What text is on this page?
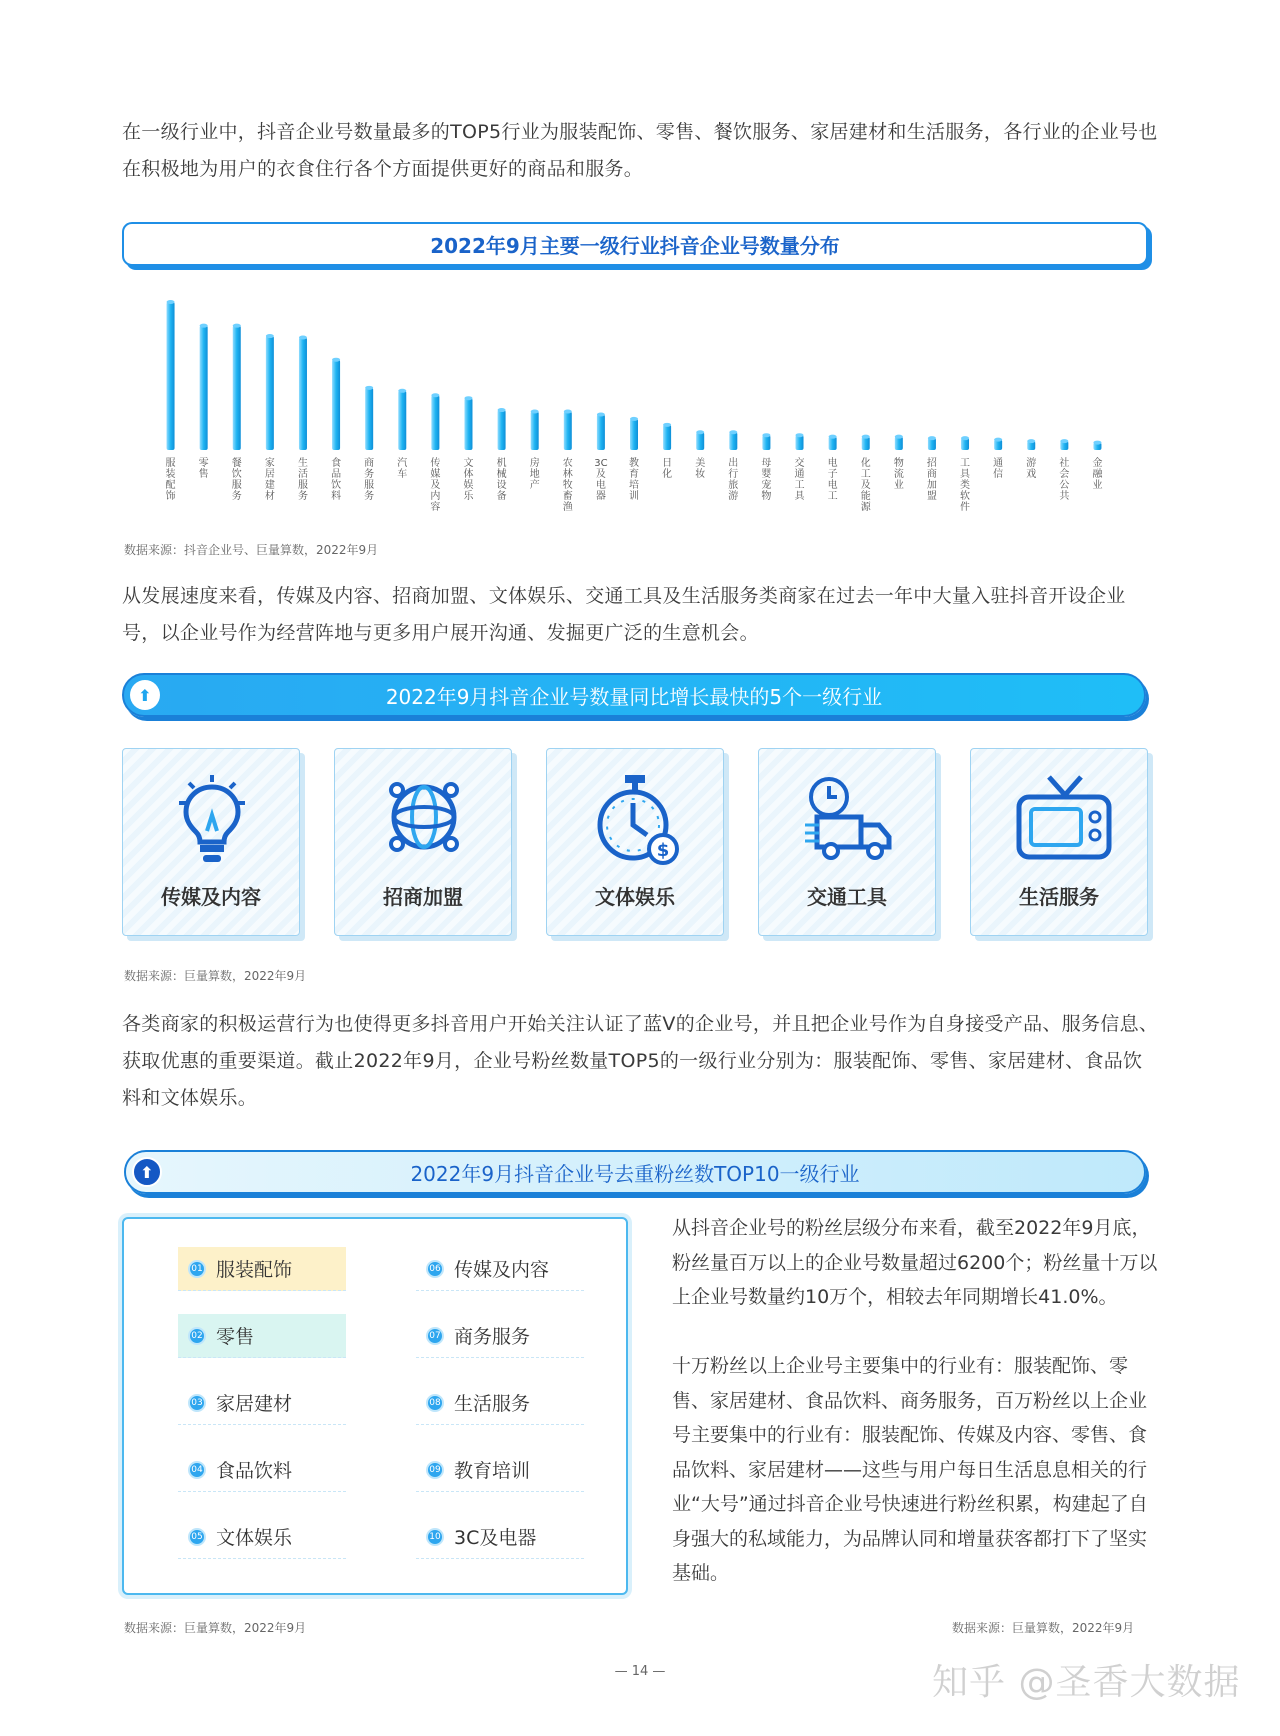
在一级行业中，抖音企业号数量最多的TOP5行业为服装配饰、零售、餐饮服务、家居建材和生活服务，各行业的企业号也在积极地为用户的衣食住行各个方面提供更好的商品和服务。

2022年9月主要一级行业抖音企业号数量分布
服装配饰
零售
餐饮服务
家居建材
生活服务
食品饮料
商务服务
汽车
传媒及内容
文体娱乐
机械设备
房地产
农林牧畜渔
3C 及电器
教育培训
日化
美妆
出行旅游
母婴宠物
交通工具
电子电工
化工及能源
物流业
招商加盟
工具类软件
通信
游戏
社会公共
金融业
数据来源：抖音企业号、巨量算数，2022年9月

从发展速度来看，传媒及内容、招商加盟、文体娱乐、交通工具及生活服务类商家在过去一年中大量入驻抖音开设企业号，以企业号作为经营阵地与更多用户展开沟通、发掘更广泛的生意机会。

⬆	2022年9月抖音企业号数量同比增长最快的5个一级行业
传媒及内容	招商加盟
$
文体娱乐	交通工具	生活服务
数据来源：巨量算数，2022年9月

各类商家的积极运营行为也使得更多抖音用户开始关注认证了蓝V的企业号，并且把企业号作为自身接受产品、服务信息、获取优惠的重要渠道。截止2022年9月，企业号粉丝数量TOP5的一级行业分别为：服装配饰、零售、家居建材、食品饮料和文体娱乐。

⬆	2022年9月抖音企业号去重粉丝数TOP10一级行业
01 服装配饰
02 零售
03 家居建材
04 食品饮料
05 文体娱乐
06 传媒及内容
07 商务服务
08 生活服务
09 教育培训
10 3C及电器

从抖音企业号的粉丝层级分布来看，截至2022年9月底，粉丝量百万以上的企业号数量超过6200个；粉丝量十万以上企业号数量约10万个，相较去年同期增长41.0%。

十万粉丝以上企业号主要集中的行业有：服装配饰、零售、家居建材、食品饮料、商务服务，百万粉丝以上企业号主要集中的行业有：服装配饰、传媒及内容、零售、食品饮料、家居建材——这些与用户每日生活息息相关的行业“大号”通过抖音企业号快速进行粉丝积累，构建起了自身强大的私域能力，为品牌认同和增量获客都打下了坚实基础。

数据来源：巨量算数，2022年9月	数据来源：巨量算数，2022年9月
— 14 —	知乎 @圣香大数据
